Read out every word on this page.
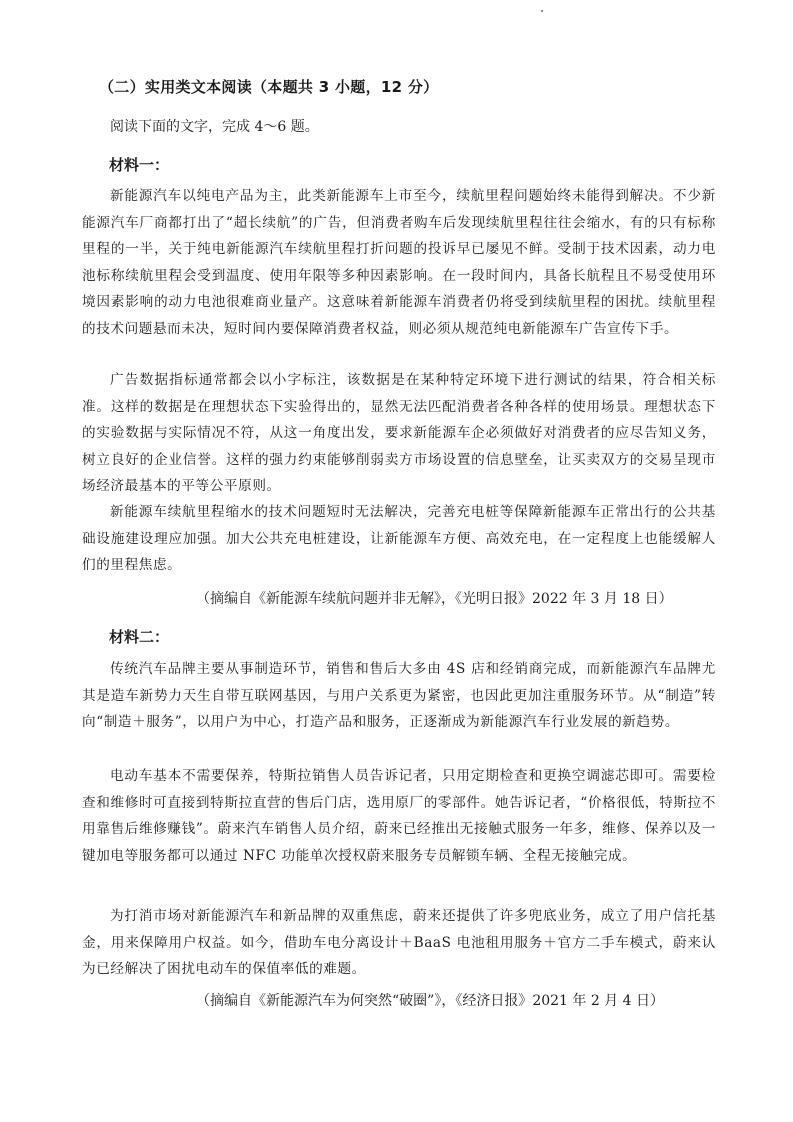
（二）实用类文本阅读（本题共 3 小题，12 分）
阅读下面的文字，完成 4～6 题。
材料一：

新能源汽车以纯电产品为主，此类新能源车上市至今，续航里程问题始终未能得到解决。不少新能源汽车厂商都打出了“超长续航”的广告，但消费者购车后发现续航里程往往会缩水，有的只有标称里程的一半，关于纯电新能源汽车续航里程打折问题的投诉早已屡见不鲜。受制于技术因素，动力电池标称续航里程会受到温度、使用年限等多种因素影响。在一段时间内，具备长航程且不易受使用环境因素影响的动力电池很难商业量产。这意味着新能源车消费者仍将受到续航里程的困扰。续航里程的技术问题悬而未决，短时间内要保障消费者权益，则必须从规范纯电新能源车广告宣传下手。

广告数据指标通常都会以小字标注，该数据是在某种特定环境下进行测试的结果，符合相关标准。这样的数据是在理想状态下实验得出的，显然无法匹配消费者各种各样的使用场景。理想状态下的实验数据与实际情况不符，从这一角度出发，要求新能源车企必须做好对消费者的应尽告知义务，树立良好的企业信誉。这样的强力约束能够削弱卖方市场设置的信息壁垒，让买卖双方的交易呈现市场经济最基本的平等公平原则。

新能源车续航里程缩水的技术问题短时无法解决，完善充电桩等保障新能源车正常出行的公共基础设施建设理应加强。加大公共充电桩建设，让新能源车方便、高效充电，在一定程度上也能缓解人们的里程焦虑。

（摘编自《新能源车续航问题并非无解》，《光明日报》2022 年 3 月 18 日）
材料二：

传统汽车品牌主要从事制造环节，销售和售后大多由 4S 店和经销商完成，而新能源汽车品牌尤其是造车新势力天生自带互联网基因，与用户关系更为紧密，也因此更加注重服务环节。从“制造”转向“制造＋服务”，以用户为中心，打造产品和服务，正逐渐成为新能源汽车行业发展的新趋势。

电动车基本不需要保养，特斯拉销售人员告诉记者，只用定期检查和更换空调滤芯即可。需要检查和维修时可直接到特斯拉直营的售后门店，选用原厂的零部件。她告诉记者，“价格很低，特斯拉不用靠售后维修赚钱”。蔚来汽车销售人员介绍，蔚来已经推出无接触式服务一年多，维修、保养以及一键加电等服务都可以通过 NFC 功能单次授权蔚来服务专员解锁车辆、全程无接触完成。

为打消市场对新能源汽车和新品牌的双重焦虑，蔚来还提供了许多兜底业务，成立了用户信托基金，用来保障用户权益。如今，借助车电分离设计＋BaaS 电池租用服务＋官方二手车模式，蔚来认为已经解决了困扰电动车的保值率低的难题。

（摘编自《新能源汽车为何突然“破圈”》，《经济日报》2021 年 2 月 4 日）
